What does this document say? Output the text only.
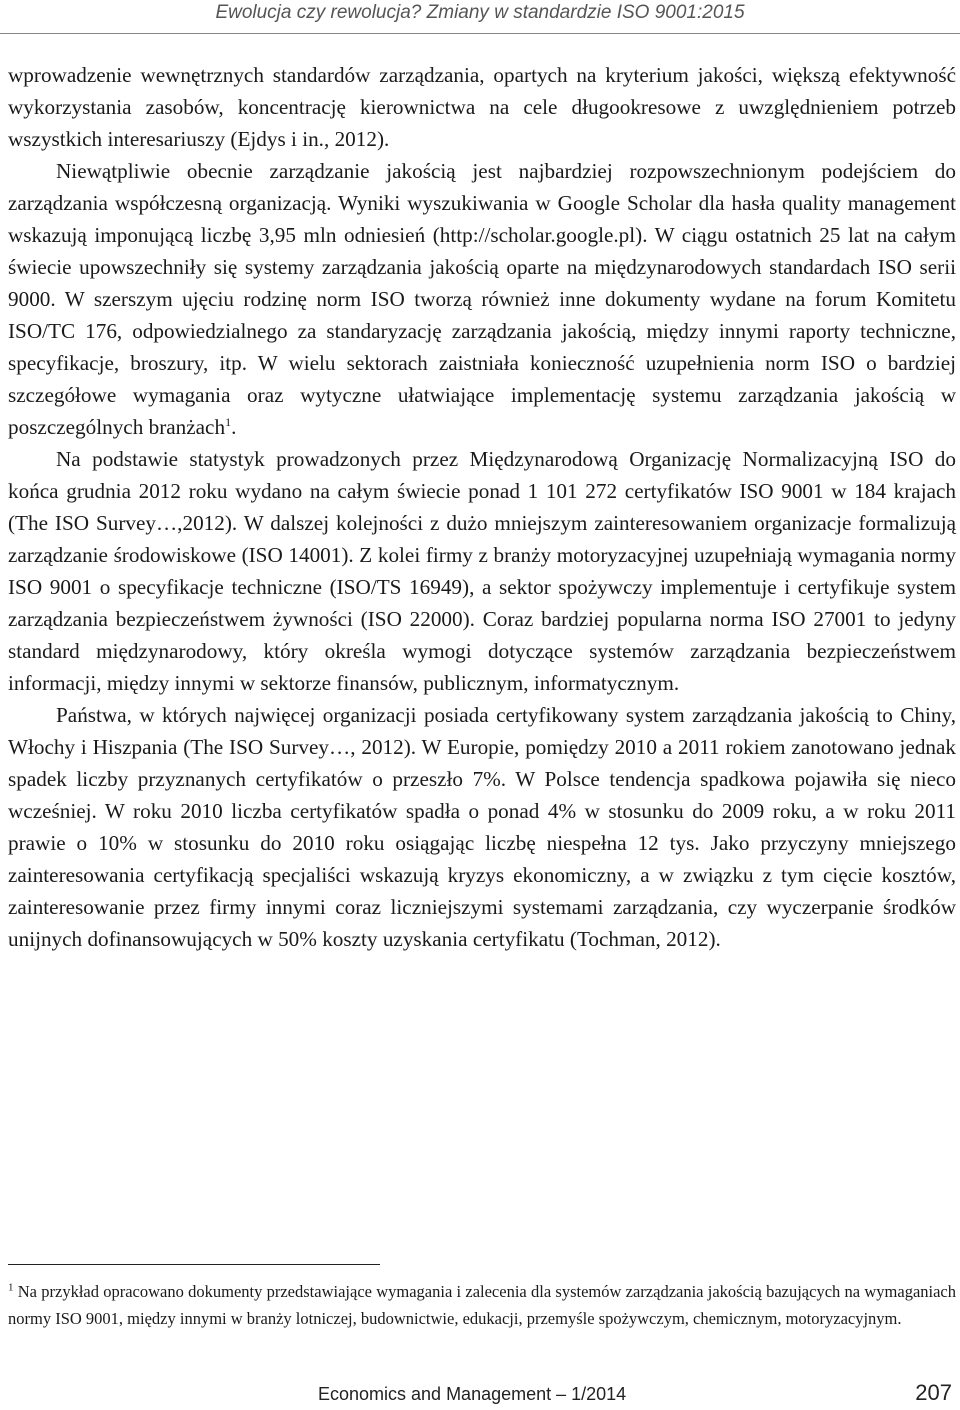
Ewolucja czy rewolucja? Zmiany w standardzie ISO 9001:2015

wprowadzenie wewnętrznych standardów zarządzania, opartych na kryterium jakości, większą efektywność wykorzystania zasobów, koncentrację kierownictwa na cele długookresowe z uwzględnieniem potrzeb wszystkich interesariuszy (Ejdys i in., 2012).

Niewątpliwie obecnie zarządzanie jakością jest najbardziej rozpowszechnionym podejściem do zarządzania współczesną organizacją. Wyniki wyszukiwania w Google Scholar dla hasła quality management wskazują imponującą liczbę 3,95 mln odniesień (http://scholar.google.pl). W ciągu ostatnich 25 lat na całym świecie upowszechniły się systemy zarządzania jakością oparte na międzynarodowych standardach ISO serii 9000. W szerszym ujęciu rodzinę norm ISO tworzą również inne dokumenty wydane na forum Komitetu ISO/TC 176, odpowiedzialnego za standaryzację zarządzania jakością, między innymi raporty techniczne, specyfikacje, broszury, itp. W wielu sektorach zaistniała konieczność uzupełnienia norm ISO o bardziej szczegółowe wymagania oraz wytyczne ułatwiające implementację systemu zarządzania jakością w poszczególnych branżach$^1$.

Na podstawie statystyk prowadzonych przez Międzynarodową Organizację Normalizacyjną ISO do końca grudnia 2012 roku wydano na całym świecie ponad 1 101 272 certyfikatów ISO 9001 w 184 krajach (The ISO Survey…,2012). W dalszej kolejności z dużo mniejszym zainteresowaniem organizacje formalizują zarządzanie środowiskowe (ISO 14001). Z kolei firmy z branży motoryzacyjnej uzupełniają wymagania normy ISO 9001 o specyfikacje techniczne (ISO/TS 16949), a sektor spożywczy implementuje i certyfikuje system zarządzania bezpieczeństwem żywności (ISO 22000). Coraz bardziej popularna norma ISO 27001 to jedyny standard międzynarodowy, który określa wymogi dotyczące systemów zarządzania bezpieczeństwem informacji, między innymi w sektorze finansów, publicznym, informatycznym.

Państwa, w których najwięcej organizacji posiada certyfikowany system zarządzania jakością to Chiny, Włochy i Hiszpania (The ISO Survey…, 2012). W Europie, pomiędzy 2010 a 2011 rokiem zanotowano jednak spadek liczby przyznanych certyfikatów o przeszło 7%. W Polsce tendencja spadkowa pojawiła się nieco wcześniej. W roku 2010 liczba certyfikatów spadła o ponad 4% w stosunku do 2009 roku, a w roku 2011 prawie o 10% w stosunku do 2010 roku osiągając liczbę niespełna 12 tys. Jako przyczyny mniejszego zainteresowania certyfikacją specjaliści wskazują kryzys ekonomiczny, a w związku z tym cięcie kosztów, zainteresowanie przez firmy innymi coraz liczniejszymi systemami zarządzania, czy wyczerpanie środków unijnych dofinansowujących w 50% koszty uzyskania certyfikatu (Tochman, 2012).

$^1$ Na przykład opracowano dokumenty przedstawiające wymagania i zalecenia dla systemów zarządzania jakością bazujących na wymaganiach normy ISO 9001, między innymi w branży lotniczej, budownictwie, edukacji, przemyśle spożywczym, chemicznym, motoryzacyjnym.

Economics and Management – 1/2014	207
